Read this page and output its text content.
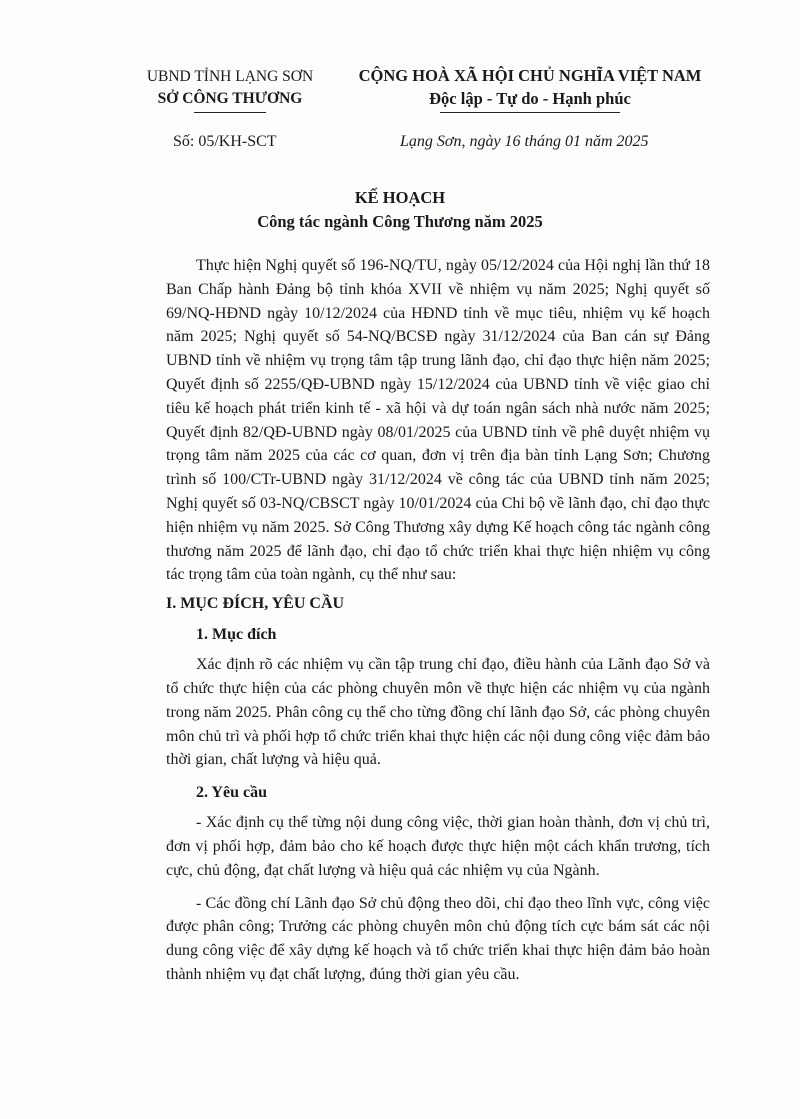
UBND TỈNH LẠNG SƠN
SỞ CÔNG THƯƠNG
CỘNG HOÀ XÃ HỘI CHỦ NGHĨA VIỆT NAM
Độc lập - Tự do - Hạnh phúc
Số: 05/KH-SCT	Lạng Sơn, ngày 16 tháng 01 năm 2025
KẾ HOẠCH
Công tác ngành Công Thương năm 2025

Thực hiện Nghị quyết số 196-NQ/TU, ngày 05/12/2024 của Hội nghị lần thứ 18 Ban Chấp hành Đảng bộ tỉnh khóa XVII về nhiệm vụ năm 2025; Nghị quyết số 69/NQ-HĐND ngày 10/12/2024 của HĐND tỉnh về mục tiêu, nhiệm vụ kế hoạch năm 2025; Nghị quyết số 54-NQ/BCSĐ ngày 31/12/2024 của Ban cán sự Đảng UBND tỉnh về nhiệm vụ trọng tâm tập trung lãnh đạo, chỉ đạo thực hiện năm 2025; Quyết định số 2255/QĐ-UBND ngày 15/12/2024 của UBND tỉnh về việc giao chỉ tiêu kế hoạch phát triển kinh tế - xã hội và dự toán ngân sách nhà nước năm 2025; Quyết định 82/QĐ-UBND ngày 08/01/2025 của UBND tỉnh về phê duyệt nhiệm vụ trọng tâm năm 2025 của các cơ quan, đơn vị trên địa bàn tỉnh Lạng Sơn; Chương trình số 100/CTr-UBND ngày 31/12/2024 về công tác của UBND tỉnh năm 2025; Nghị quyết số 03-NQ/CBSCT ngày 10/01/2024 của Chi bộ về lãnh đạo, chỉ đạo thực hiện nhiệm vụ năm 2025. Sở Công Thương xây dựng Kế hoạch công tác ngành công thương năm 2025 để lãnh đạo, chỉ đạo tổ chức triển khai thực hiện nhiệm vụ công tác trọng tâm của toàn ngành, cụ thể như sau:

I. MỤC ĐÍCH, YÊU CẦU
1. Mục đích

Xác định rõ các nhiệm vụ cần tập trung chỉ đạo, điều hành của Lãnh đạo Sở và tổ chức thực hiện của các phòng chuyên môn về thực hiện các nhiệm vụ của ngành trong năm 2025. Phân công cụ thể cho từng đồng chí lãnh đạo Sở, các phòng chuyên môn chủ trì và phối hợp tổ chức triển khai thực hiện các nội dung công việc đảm bảo thời gian, chất lượng và hiệu quả.

2. Yêu cầu

- Xác định cụ thể từng nội dung công việc, thời gian hoàn thành, đơn vị chủ trì, đơn vị phối hợp, đảm bảo cho kế hoạch được thực hiện một cách khẩn trương, tích cực, chủ động, đạt chất lượng và hiệu quả các nhiệm vụ của Ngành.

- Các đồng chí Lãnh đạo Sở chủ động theo dõi, chỉ đạo theo lĩnh vực, công việc được phân công; Trưởng các phòng chuyên môn chủ động tích cực bám sát các nội dung công việc để xây dựng kế hoạch và tổ chức triển khai thực hiện đảm bảo hoàn thành nhiệm vụ đạt chất lượng, đúng thời gian yêu cầu.
